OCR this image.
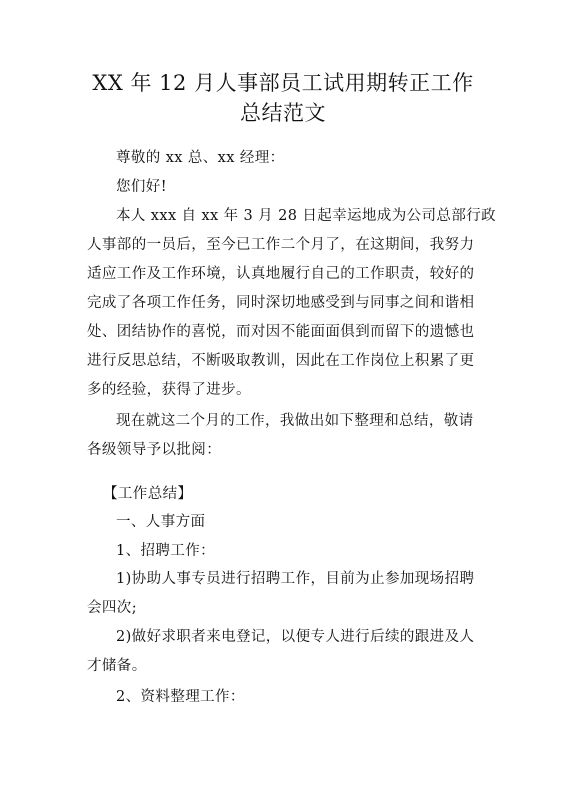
XX 年 12 月人事部员工试用期转正工作
总结范文
尊敬的 xx 总、xx 经理：
您们好!
本人 xxx 自 xx 年 3 月 28 日起幸运地成为公司总部行政
人事部的一员后，至今已工作二个月了，在这期间，我努力
适应工作及工作环境，认真地履行自己的工作职责，较好的
完成了各项工作任务，同时深切地感受到与同事之间和谐相
处、团结协作的喜悦，而对因不能面面俱到而留下的遗憾也
进行反思总结，不断吸取教训，因此在工作岗位上积累了更
多的经验，获得了进步。
现在就这二个月的工作，我做出如下整理和总结，敬请
各级领导予以批阅：
【工作总结】
一、人事方面
1、招聘工作：
1)协助人事专员进行招聘工作，目前为止参加现场招聘
会四次;
2)做好求职者来电登记，以便专人进行后续的跟进及人
才储备。
2、资料整理工作：
